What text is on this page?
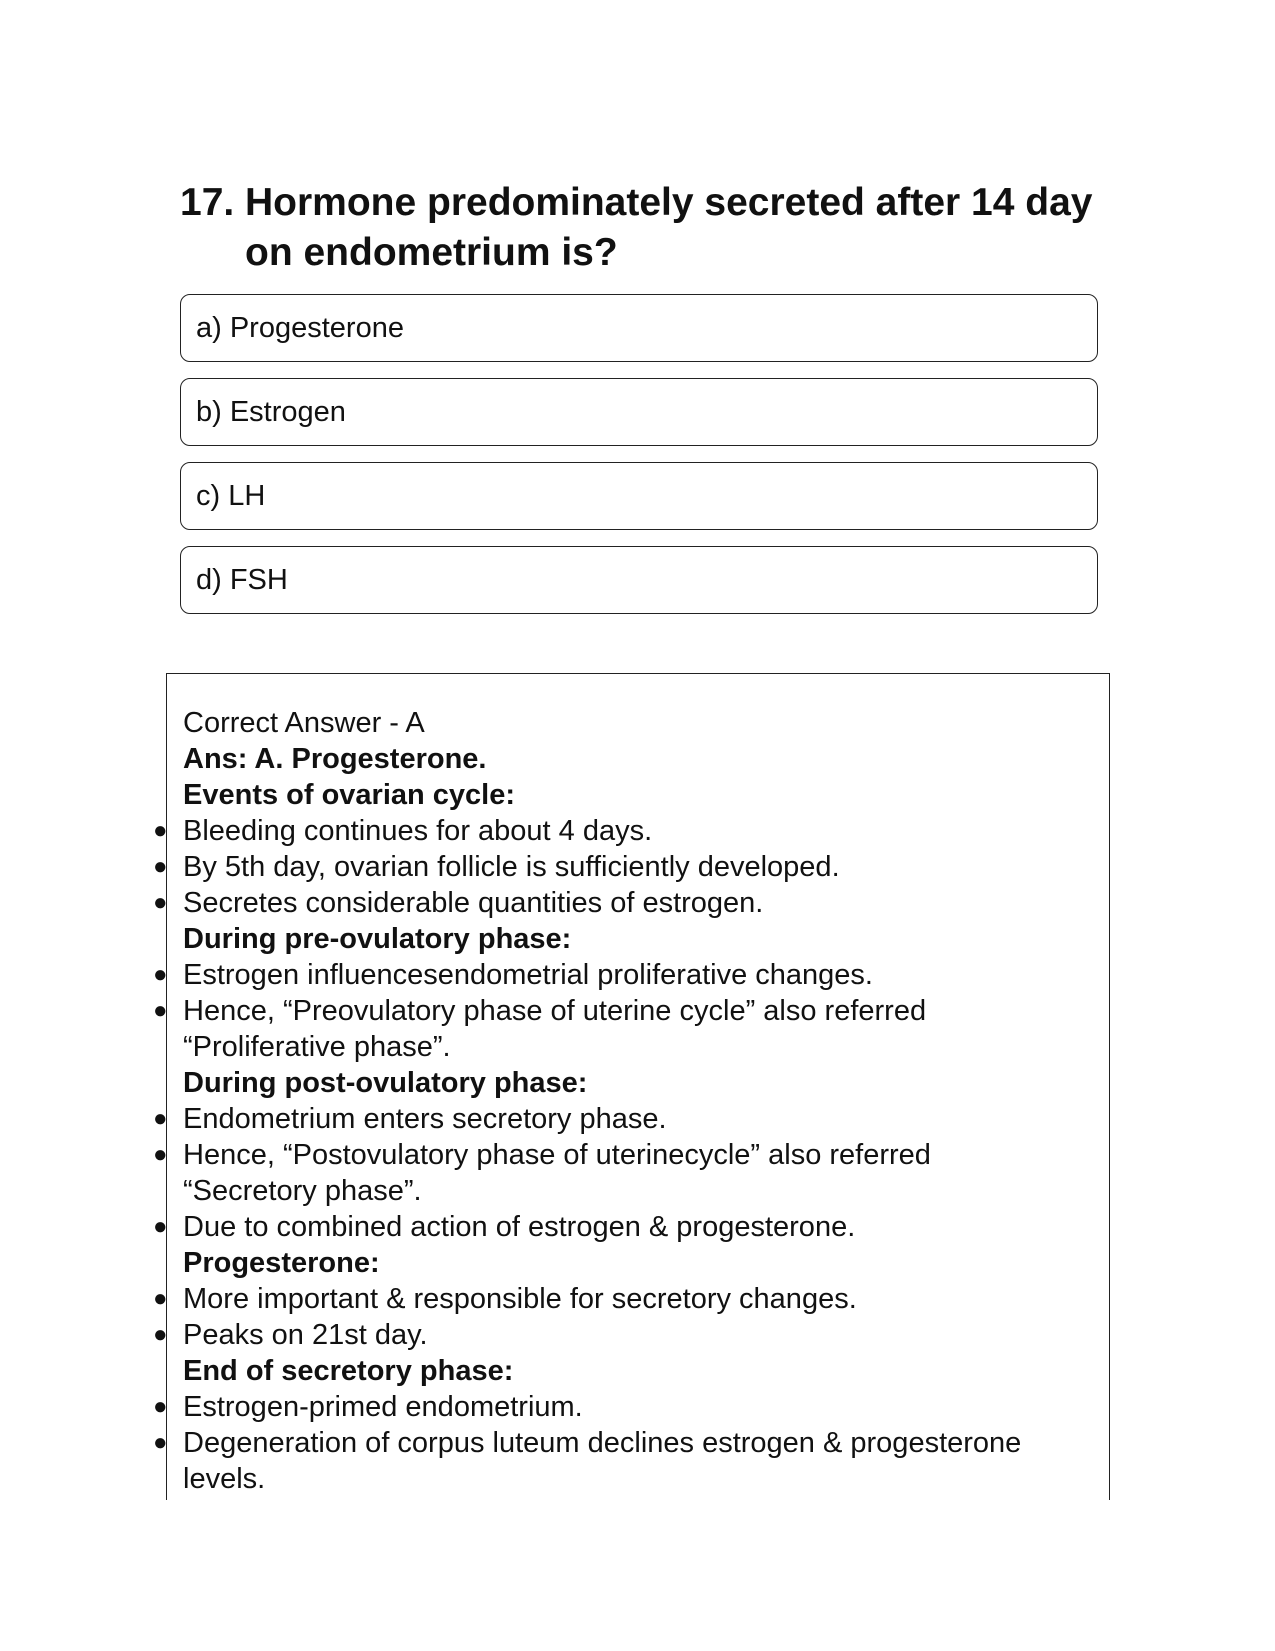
17. Hormone predominately secreted after 14 day on endometrium is?
a) Progesterone
b) Estrogen
c) LH
d) FSH
Correct Answer - A
Ans: A. Progesterone.
Events of ovarian cycle:
● Bleeding continues for about 4 days.
● By 5th day, ovarian follicle is sufficiently developed.
● Secretes considerable quantities of estrogen.
During pre-ovulatory phase:
● Estrogen influencesendometrial proliferative changes.
● Hence, “Preovulatory phase of uterine cycle” also referred “Proliferative phase”.
During post-ovulatory phase:
● Endometrium enters secretory phase.
● Hence, “Postovulatory phase of uterinecycle” also referred “Secretory phase”.
● Due to combined action of estrogen & progesterone.
Progesterone:
● More important & responsible for secretory changes.
● Peaks on 21st day.
End of secretory phase:
● Estrogen-primed endometrium.
● Degeneration of corpus luteum declines estrogen & progesterone levels.
